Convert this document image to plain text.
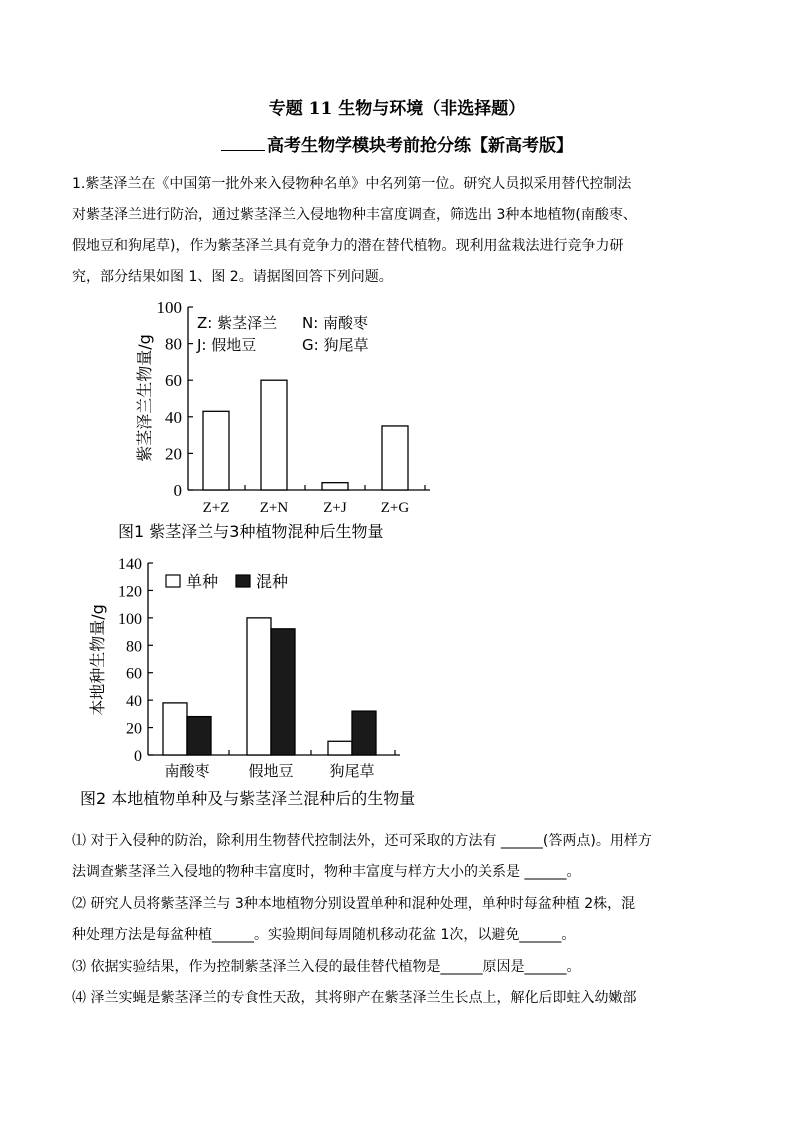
专题 11 生物与环境（非选择题）
高考生物学模块考前抢分练【新高考版】
1.紫茎泽兰在《中国第一批外来入侵物种名单》中名列第一位。研究人员拟采用替代控制法
对紫茎泽兰进行防治，通过紫茎泽兰入侵地物种丰富度调查，筛选出 3种本地植物(南酸枣、
假地豆和狗尾草)，作为紫茎泽兰具有竞争力的潜在替代植物。现利用盆栽法进行竞争力研
究，部分结果如图 1、图 2。请据图回答下列问题。
0
20
40
60
80
100
紫茎泽兰生物量/g
Z+Z Z+N Z+J Z+G
Z: 紫茎泽兰 N: 南酸枣
J: 假地豆	G: 狗尾草
图1 紫茎泽兰与3种植物混种后生物量
0
20
40
60
80
100
120
140
本地种生物量/g
南酸枣	假地豆 狗尾草
单种 混种
图2 本地植物单种及与紫茎泽兰混种后的生物量
⑴ 对于入侵种的防治，除利用生物替代控制法外，还可采取的方法有 ______(答两点)。用样方
法调查紫茎泽兰入侵地的物种丰富度时，物种丰富度与样方大小的关系是 ______。
⑵ 研究人员将紫茎泽兰与 3种本地植物分别设置单种和混种处理，单种时每盆种植 2株，混
种处理方法是每盆种植______。实验期间每周随机移动花盆 1次，以避免______。
⑶ 依据实验结果，作为控制紫茎泽兰入侵的最佳替代植物是______原因是______。
⑷ 泽兰实蝇是紫茎泽兰的专食性天敌，其将卵产在紫茎泽兰生长点上，解化后即蛀入幼嫩部
